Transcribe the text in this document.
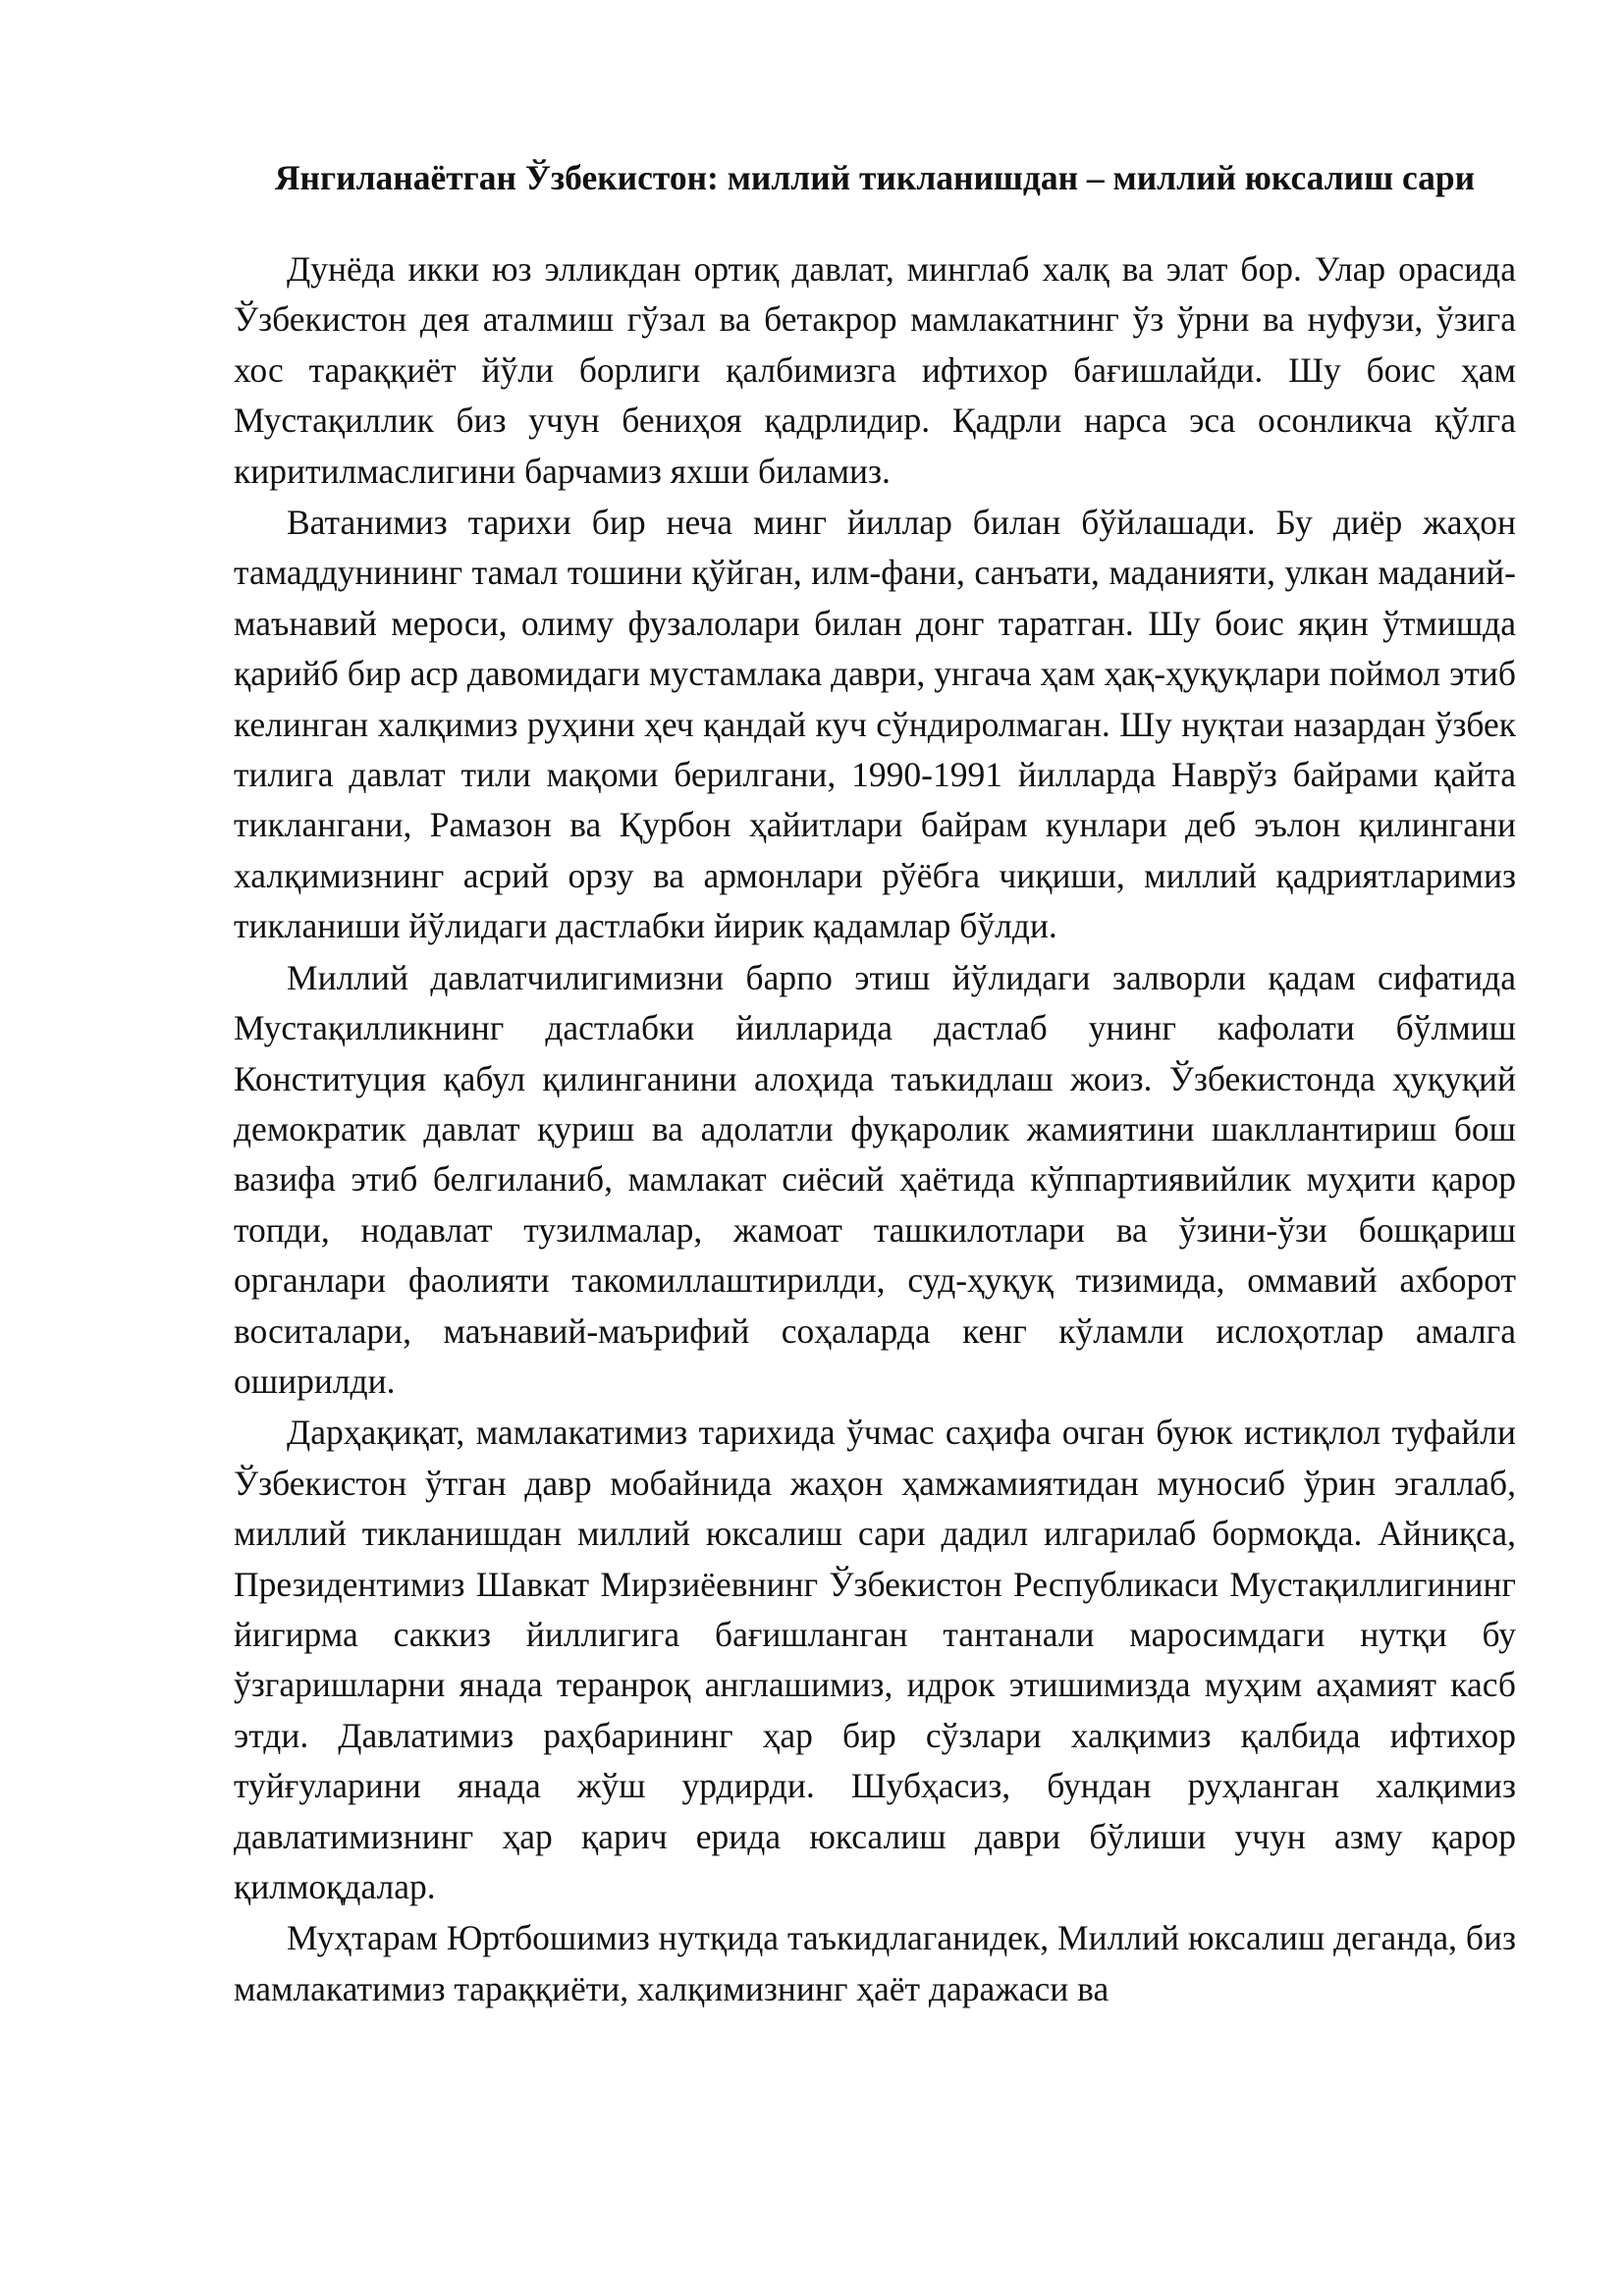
Янгиланаётган Ўзбекистон: миллий тикланишдан – миллий юксалиш сари

Дунёда икки юз элликдан ортиқ давлат, минглаб халқ ва элат бор. Улар орасида Ўзбекистон дея аталмиш гўзал ва бетакрор мамлакатнинг ўз ўрни ва нуфузи, ўзига хос тараққиёт йўли борлиги қалбимизга ифтихор бағишлайди. Шу боис ҳам Мустақиллик биз учун бениҳоя қадрлидир. Қадрли нарса эса осонликча қўлга киритилмаслигини барчамиз яхши биламиз.

Ватанимиз тарихи бир неча минг йиллар билан бўйлашади. Бу диёр жаҳон тамаддунининг тамал тошини қўйган, илм-фани, санъати, маданияти, улкан маданий-маънавий мероси, олиму фузалолари билан донг таратган. Шу боис яқин ўтмишда қарийб бир аср давомидаги мустамлака даври, унгача ҳам ҳақ-ҳуқуқлари поймол этиб келинган халқимиз руҳини ҳеч қандай куч сўндиролмаган. Шу нуқтаи назардан ўзбек тилига давлат тили мақоми берилгани, 1990-1991 йилларда Наврўз байрами қайта тиклангани, Рамазон ва Қурбон ҳайитлари байрам кунлари деб эълон қилингани халқимизнинг асрий орзу ва армонлари рўёбга чиқиши, миллий қадриятларимиз тикланиши йўлидаги дастлабки йирик қадамлар бўлди.

Миллий давлатчилигимизни барпо этиш йўлидаги залворли қадам сифатида Мустақилликнинг дастлабки йилларида дастлаб унинг кафолати бўлмиш Конституция қабул қилинганини алоҳида таъкидлаш жоиз. Ўзбекистонда ҳуқуқий демократик давлат қуриш ва адолатли фуқаролик жамиятини шакллантириш бош вазифа этиб белгиланиб, мамлакат сиёсий ҳаётида кўппартиявийлик муҳити қарор топди, нодавлат тузилмалар, жамоат ташкилотлари ва ўзини-ўзи бошқариш органлари фаолияти такомиллаштирилди, суд-ҳуқуқ тизимида, оммавий ахборот воситалари, маънавий-маърифий соҳаларда кенг кўламли ислоҳотлар амалга оширилди.

Дарҳақиқат, мамлакатимиз тарихида ўчмас саҳифа очган буюк истиқлол туфайли Ўзбекистон ўтган давр мобайнида жаҳон ҳамжамиятидан муносиб ўрин эгаллаб, миллий тикланишдан миллий юксалиш сари дадил илгарилаб бормоқда. Айниқса, Президентимиз Шавкат Мирзиёевнинг Ўзбекистон Республикаси Мустақиллигининг йигирма саккиз йиллигига бағишланган тантанали маросимдаги нутқи бу ўзгаришларни янада теранроқ англашимиз, идрок этишимизда муҳим аҳамият касб этди. Давлатимиз раҳбарининг ҳар бир сўзлари халқимиз қалбида ифтихор туйғуларини янада жўш урдирди. Шубҳасиз, бундан руҳланган халқимиз давлатимизнинг ҳар қарич ерида юксалиш даври бўлиши учун азму қарор қилмоқдалар.

Муҳтарам Юртбошимиз нутқида таъкидлаганидек, Миллий юксалиш деганда, биз мамлакатимиз тараққиёти, халқимизнинг ҳаёт даражаси ва
